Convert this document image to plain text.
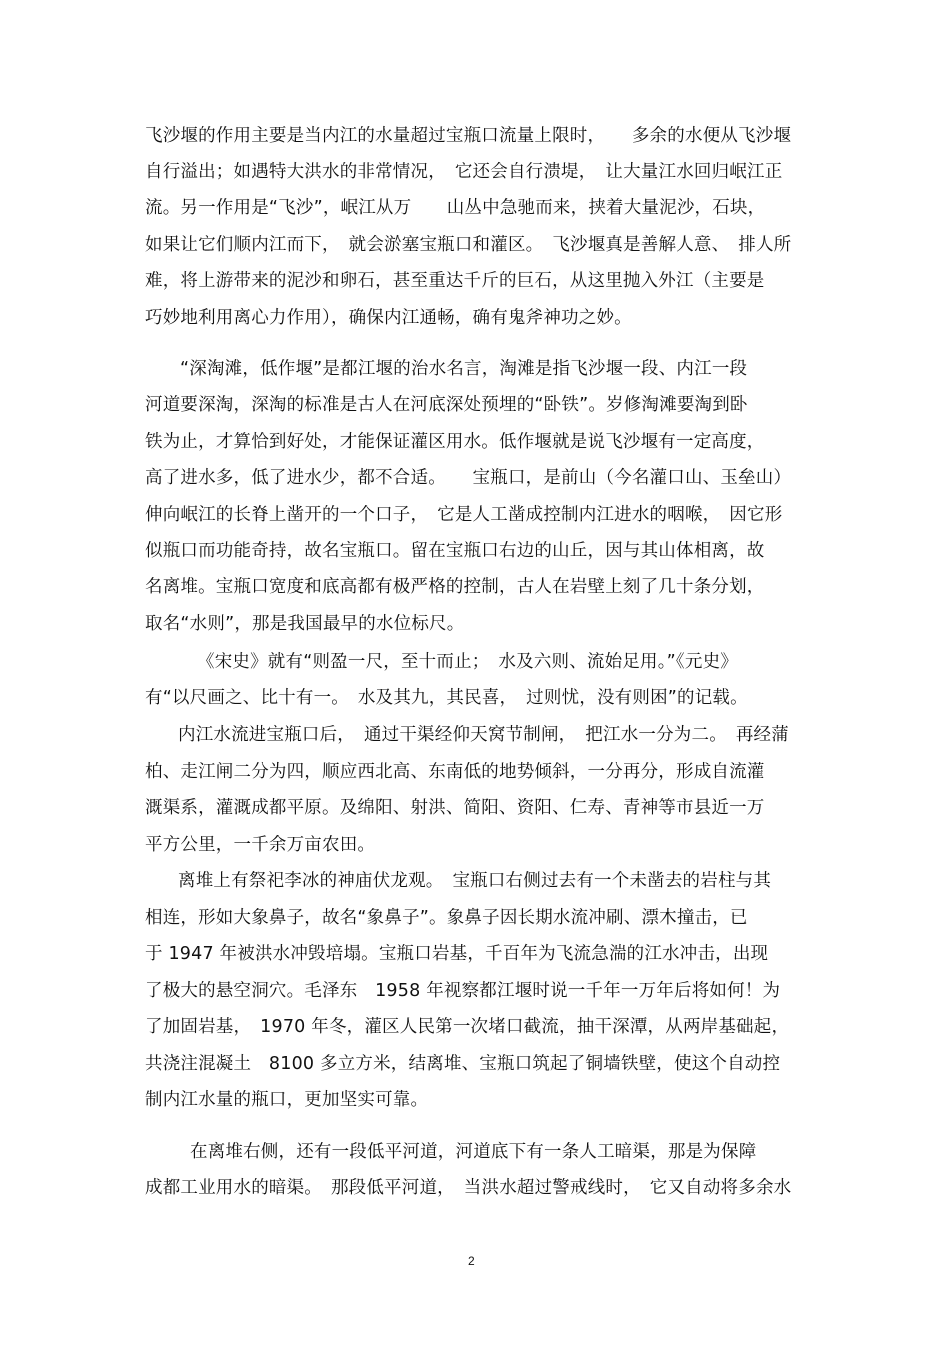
飞沙堰的作用主要是当内江的水量超过宝瓶口流量上限时，　　多余的水便从飞沙堰
自行溢出；如遇特大洪水的非常情况，　它还会自行溃堤，　让大量江水回归岷江正
流。另一作用是“飞沙”，岷江从万　　山丛中急驰而来，挟着大量泥沙，石块，
如果让它们顺内江而下，　就会淤塞宝瓶口和灌区。　飞沙堰真是善解人意、　排人所
难，将上游带来的泥沙和卵石，甚至重达千斤的巨石，从这里抛入外江（主要是
巧妙地利用离心力作用），确保内江通畅，确有鬼斧神功之妙。
“深淘滩，低作堰”是都江堰的治水名言，淘滩是指飞沙堰一段、内江一段
河道要深淘，深淘的标准是古人在河底深处预埋的“卧铁”。岁修淘滩要淘到卧
铁为止，才算恰到好处，才能保证灌区用水。低作堰就是说飞沙堰有一定高度，
高了进水多，低了进水少，都不合适。　　宝瓶口，是前山（今名灌口山、玉垒山）
伸向岷江的长脊上凿开的一个口子，　它是人工凿成控制内江进水的咽喉，　因它形
似瓶口而功能奇持，故名宝瓶口。留在宝瓶口右边的山丘，因与其山体相离，故
名离堆。宝瓶口宽度和底高都有极严格的控制，古人在岩壁上刻了几十条分划，
取名“水则”，那是我国最早的水位标尺。
《宋史》就有“则盈一尺，至十而止；　水及六则、流始足用。”《元史》
有“以尺画之、比十有一。　水及其九，其民喜，　过则忧，没有则困”的记载。
内江水流进宝瓶口后，　通过干渠经仰天窝节制闸，　把江水一分为二。　再经蒲
柏、走江闸二分为四，顺应西北高、东南低的地势倾斜，一分再分，形成自流灌
溉渠系，灌溉成都平原。及绵阳、射洪、简阳、资阳、仁寿、青神等市县近一万
平方公里，一千余万亩农田。
离堆上有祭祀李冰的神庙伏龙观。　宝瓶口右侧过去有一个未凿去的岩柱与其
相连，形如大象鼻子，故名“象鼻子”。象鼻子因长期水流冲刷、漂木撞击，已
于 1947 年被洪水冲毁培塌。宝瓶口岩基，千百年为飞流急湍的江水冲击，出现
了极大的悬空洞穴。毛泽东　1958 年视察都江堰时说一千年一万年后将如何！为
了加固岩基，　1970 年冬，灌区人民第一次堵口截流，抽干深潭，从两岸基础起，
共浇注混凝土　8100 多立方米，结离堆、宝瓶口筑起了铜墙铁壁，使这个自动控
制内江水量的瓶口，更加坚实可靠。
在离堆右侧，还有一段低平河道，河道底下有一条人工暗渠，那是为保障
成都工业用水的暗渠。　那段低平河道，　当洪水超过警戒线时，　它又自动将多余水
2
